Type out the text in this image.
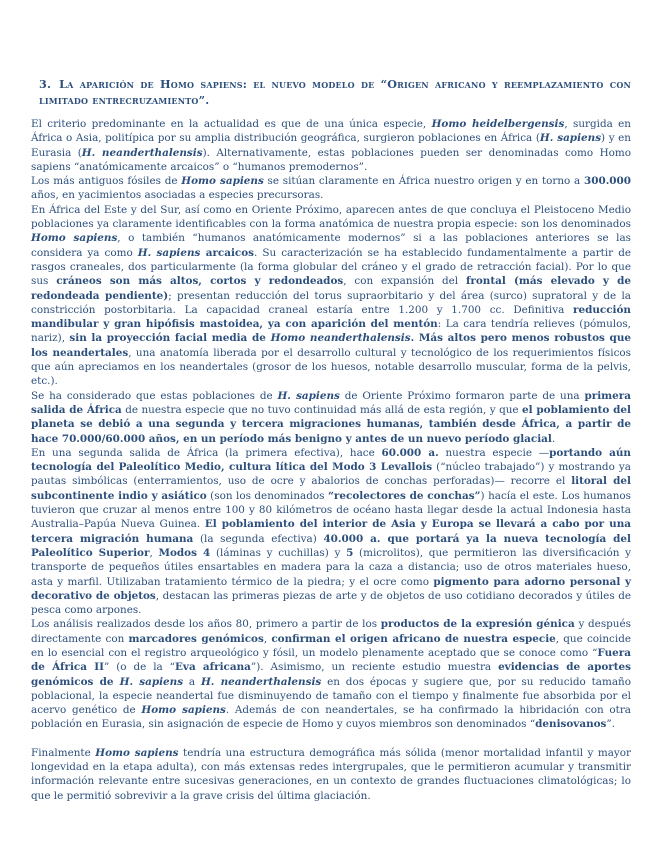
3. La aparición de Homo sapiens: el nuevo modelo de “Origen africano y reemplazamiento con limitado entrecruzamiento”.

El criterio predominante en la actualidad es que de una única especie, Homo heidelbergensis, surgida en África o Asia, politípica por su amplia distribución geográfica, surgieron poblaciones en África (H. sapiens) y en Eurasia (H. neanderthalensis). Alternativamente, estas poblaciones pueden ser denominadas como Homo sapiens “anatómicamente arcaicos” o “humanos premodernos”.

Los más antiguos fósiles de Homo sapiens se sitúan claramente en África nuestro origen y en torno a 300.000 años, en yacimientos asociadas a especies precursoras.

En África del Este y del Sur, así como en Oriente Próximo, aparecen antes de que concluya el Pleistoceno Medio poblaciones ya claramente identificables con la forma anatómica de nuestra propia especie: son los denominados Homo sapiens, o también “humanos anatómicamente modernos” si a las poblaciones anteriores se las considera ya como H. sapiens arcaicos. Su caracterización se ha establecido fundamentalmente a partir de rasgos craneales, dos particularmente (la forma globular del cráneo y el grado de retracción facial). Por lo que sus cráneos son más altos, cortos y redondeados, con expansión del frontal (más elevado y de redondeada pendiente); presentan reducción del torus supraorbitario y del área (surco) supratoral y de la constricción postorbitaria. La capacidad craneal estaría entre 1.200 y 1.700 cc. Definitiva reducción mandibular y gran hipófisis mastoidea, ya con aparición del mentón: La cara tendría relieves (pómulos, nariz), sin la proyección facial media de Homo neanderthalensis. Más altos pero menos robustos que los neandertales, una anatomía liberada por el desarrollo cultural y tecnológico de los requerimientos físicos que aún apreciamos en los neandertales (grosor de los huesos, notable desarrollo muscular, forma de la pelvis, etc.).

Se ha considerado que estas poblaciones de H. sapiens de Oriente Próximo formaron parte de una primera salida de África de nuestra especie que no tuvo continuidad más allá de esta región, y que el poblamiento del planeta se debió a una segunda y tercera migraciones humanas, también desde África, a partir de hace 70.000/60.000 años, en un período más benigno y antes de un nuevo período glacial.

En una segunda salida de África (la primera efectiva), hace 60.000 a. nuestra especie —portando aún tecnología del Paleolítico Medio, cultura lítica del Modo 3 Levallois (“núcleo trabajado”) y mostrando ya pautas simbólicas (enterramientos, uso de ocre y abalorios de conchas perforadas)— recorre el litoral del subcontinente indio y asiático (son los denominados “recolectores de conchas”) hacía el este. Los humanos tuvieron que cruzar al menos entre 100 y 80 kilómetros de océano hasta llegar desde la actual Indonesia hasta Australia–Papúa Nueva Guinea. El poblamiento del interior de Asia y Europa se llevará a cabo por una tercera migración humana (la segunda efectiva) 40.000 a. que portará ya la nueva tecnología del Paleolítico Superior, Modos 4 (láminas y cuchillas) y 5 (microlitos), que permitieron las diversificación y transporte de pequeños útiles ensartables en madera para la caza a distancia; uso de otros materiales hueso, asta y marfil. Utilizaban tratamiento térmico de la piedra; y el ocre como pigmento para adorno personal y decorativo de objetos, destacan las primeras piezas de arte y de objetos de uso cotidiano decorados y útiles de pesca como arpones.

Los análisis realizados desde los años 80, primero a partir de los productos de la expresión génica y después directamente con marcadores genómicos, confirman el origen africano de nuestra especie, que coincide en lo esencial con el registro arqueológico y fósil, un modelo plenamente aceptado que se conoce como “Fuera de África II” (o de la “Eva africana”). Asimismo, un reciente estudio muestra evidencias de aportes genómicos de H. sapiens a H. neanderthalensis en dos épocas y sugiere que, por su reducido tamaño poblacional, la especie neandertal fue disminuyendo de tamaño con el tiempo y finalmente fue absorbida por el acervo genético de Homo sapiens. Además de con neandertales, se ha confirmado la hibridación con otra población en Eurasia, sin asignación de especie de Homo y cuyos miembros son denominados “denisovanos”.

Finalmente Homo sapiens tendría una estructura demográfica más sólida (menor mortalidad infantil y mayor longevidad en la etapa adulta), con más extensas redes intergrupales, que le permitieron acumular y transmitir información relevante entre sucesivas generaciones, en un contexto de grandes fluctuaciones climatológicas; lo que le permitió sobrevivir a la grave crisis del última glaciación.
